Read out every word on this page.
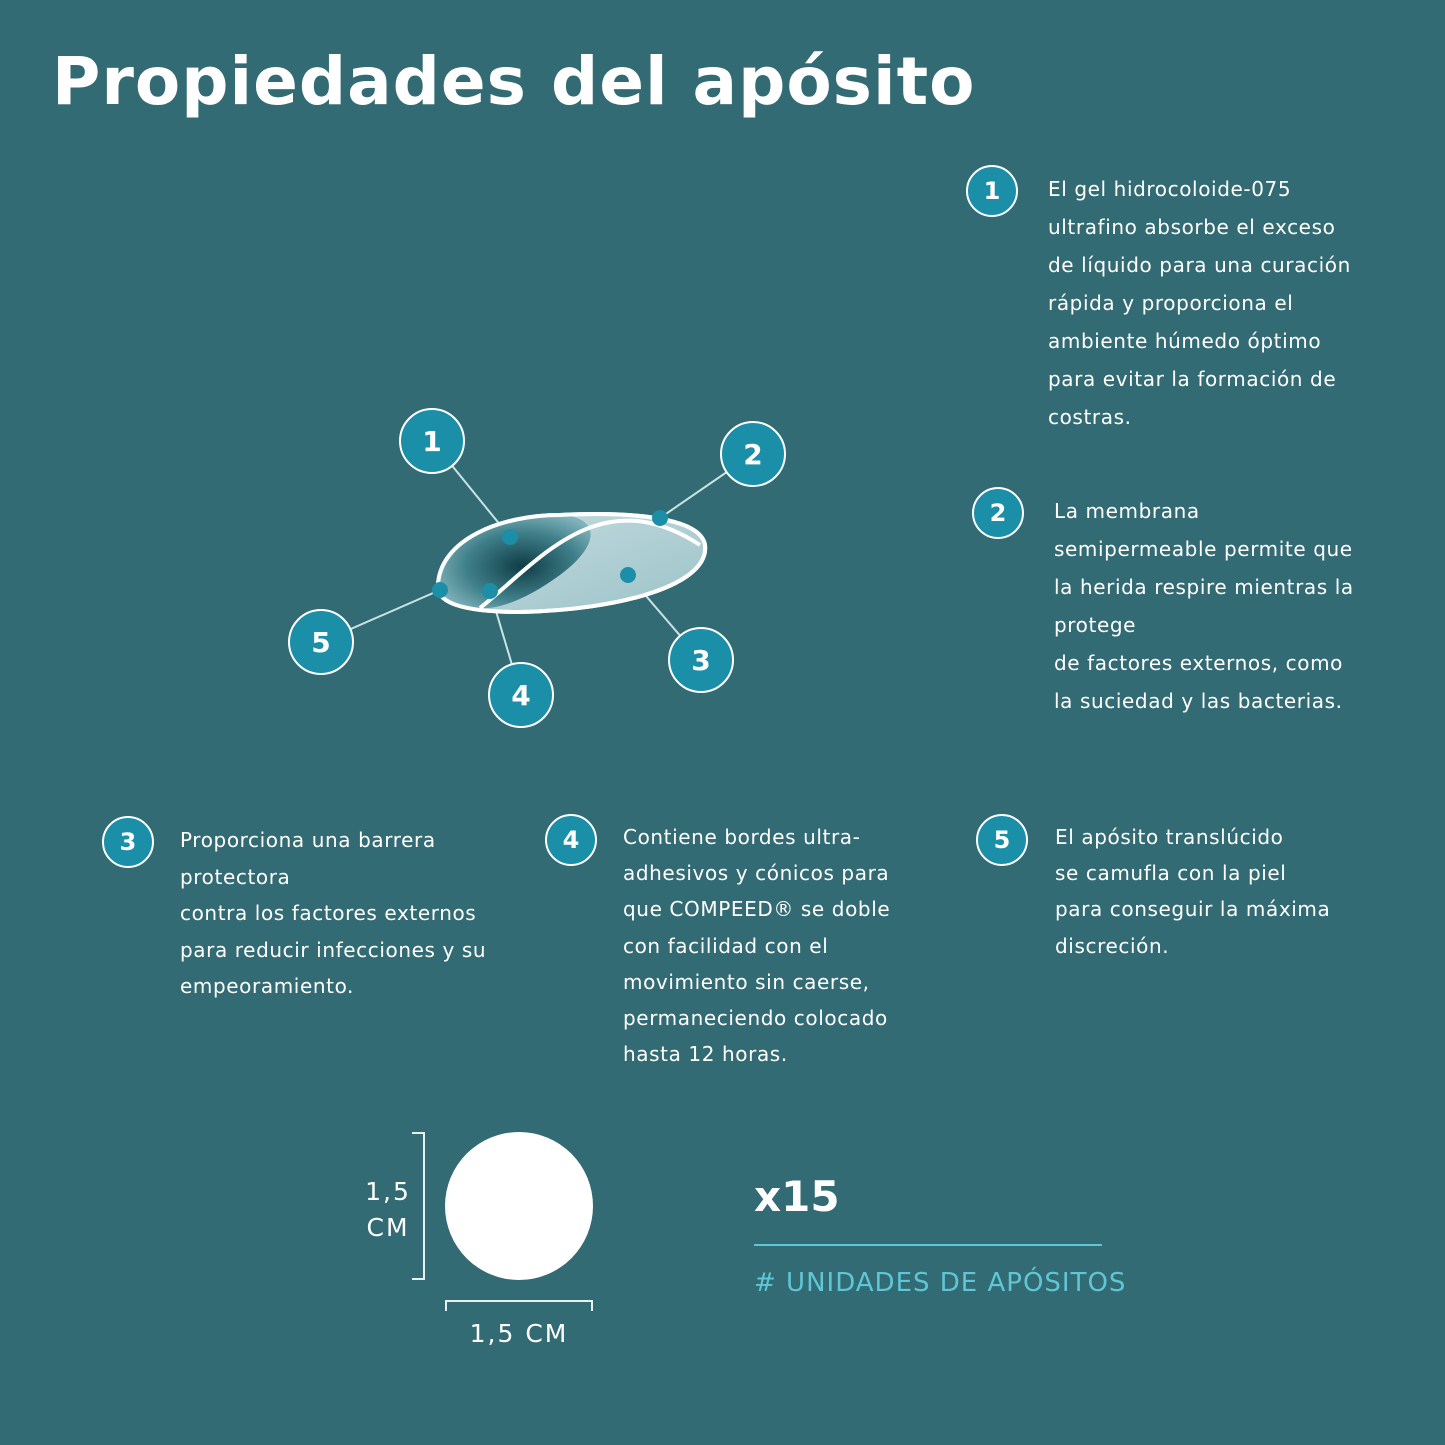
Propiedades del apósito
1	2
3
4
5
1	El gel hidrocoloide-075

ultrafino absorbe el exceso

de líquido para una curación

rápida y proporciona el

ambiente húmedo óptimo

para evitar la formación de

costras.

2	La membrana

semipermeable permite que

la herida respire mientras la

protege

de factores externos, como

la suciedad y las bacterias.

3	Proporciona una barrera

protectora

contra los factores externos

para reducir infecciones y su

empeoramiento.

4	Contiene bordes ultra-

adhesivos y cónicos para

que COMPEED® se doble

con facilidad con el

movimiento sin caerse,

permaneciendo colocado

hasta 12 horas.

5	El apósito translúcido

se camufla con la piel

para conseguir la máxima

discreción.

1,5
CM
1,5 CM
x15
# UNIDADES DE APÓSITOS
